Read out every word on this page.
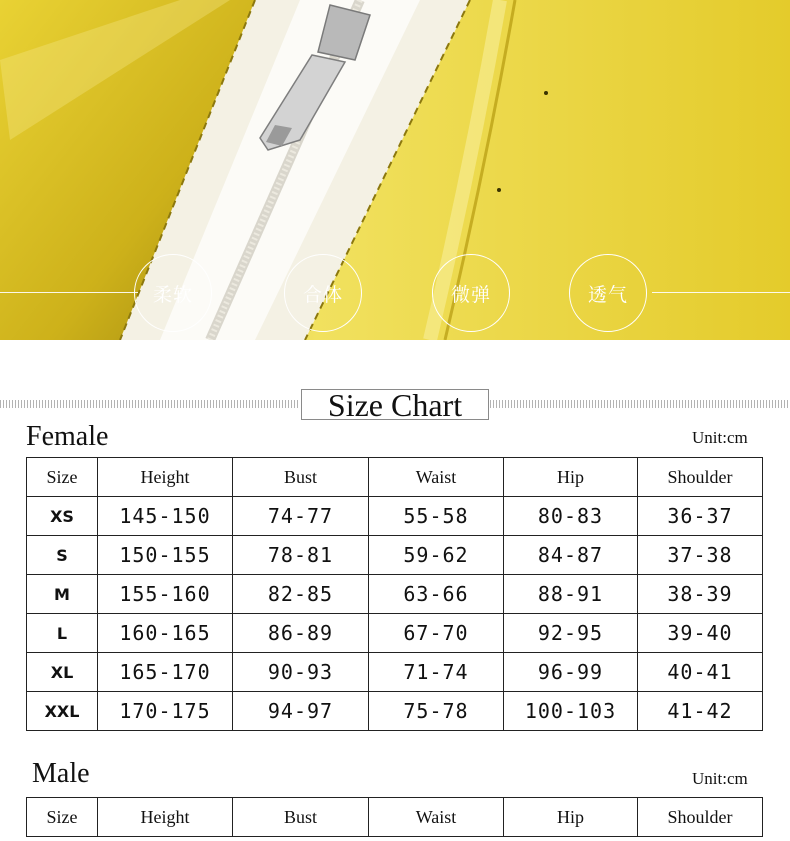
柔软	合体	微弹	透气
Size Chart
Female	Unit:cm
Size	Height	Bust	Waist	Hip	Shoulder
XS	145-150	74-77	55-58	80-83	36-37
S	150-155	78-81	59-62	84-87	37-38
M	155-160	82-85	63-66	88-91	38-39
L	160-165	86-89	67-70	92-95	39-40
XL	165-170	90-93	71-74	96-99	40-41
XXL	170-175	94-97	75-78	100-103	41-42
Male	Unit:cm
Size	Height	Bust	Waist	Hip	Shoulder
